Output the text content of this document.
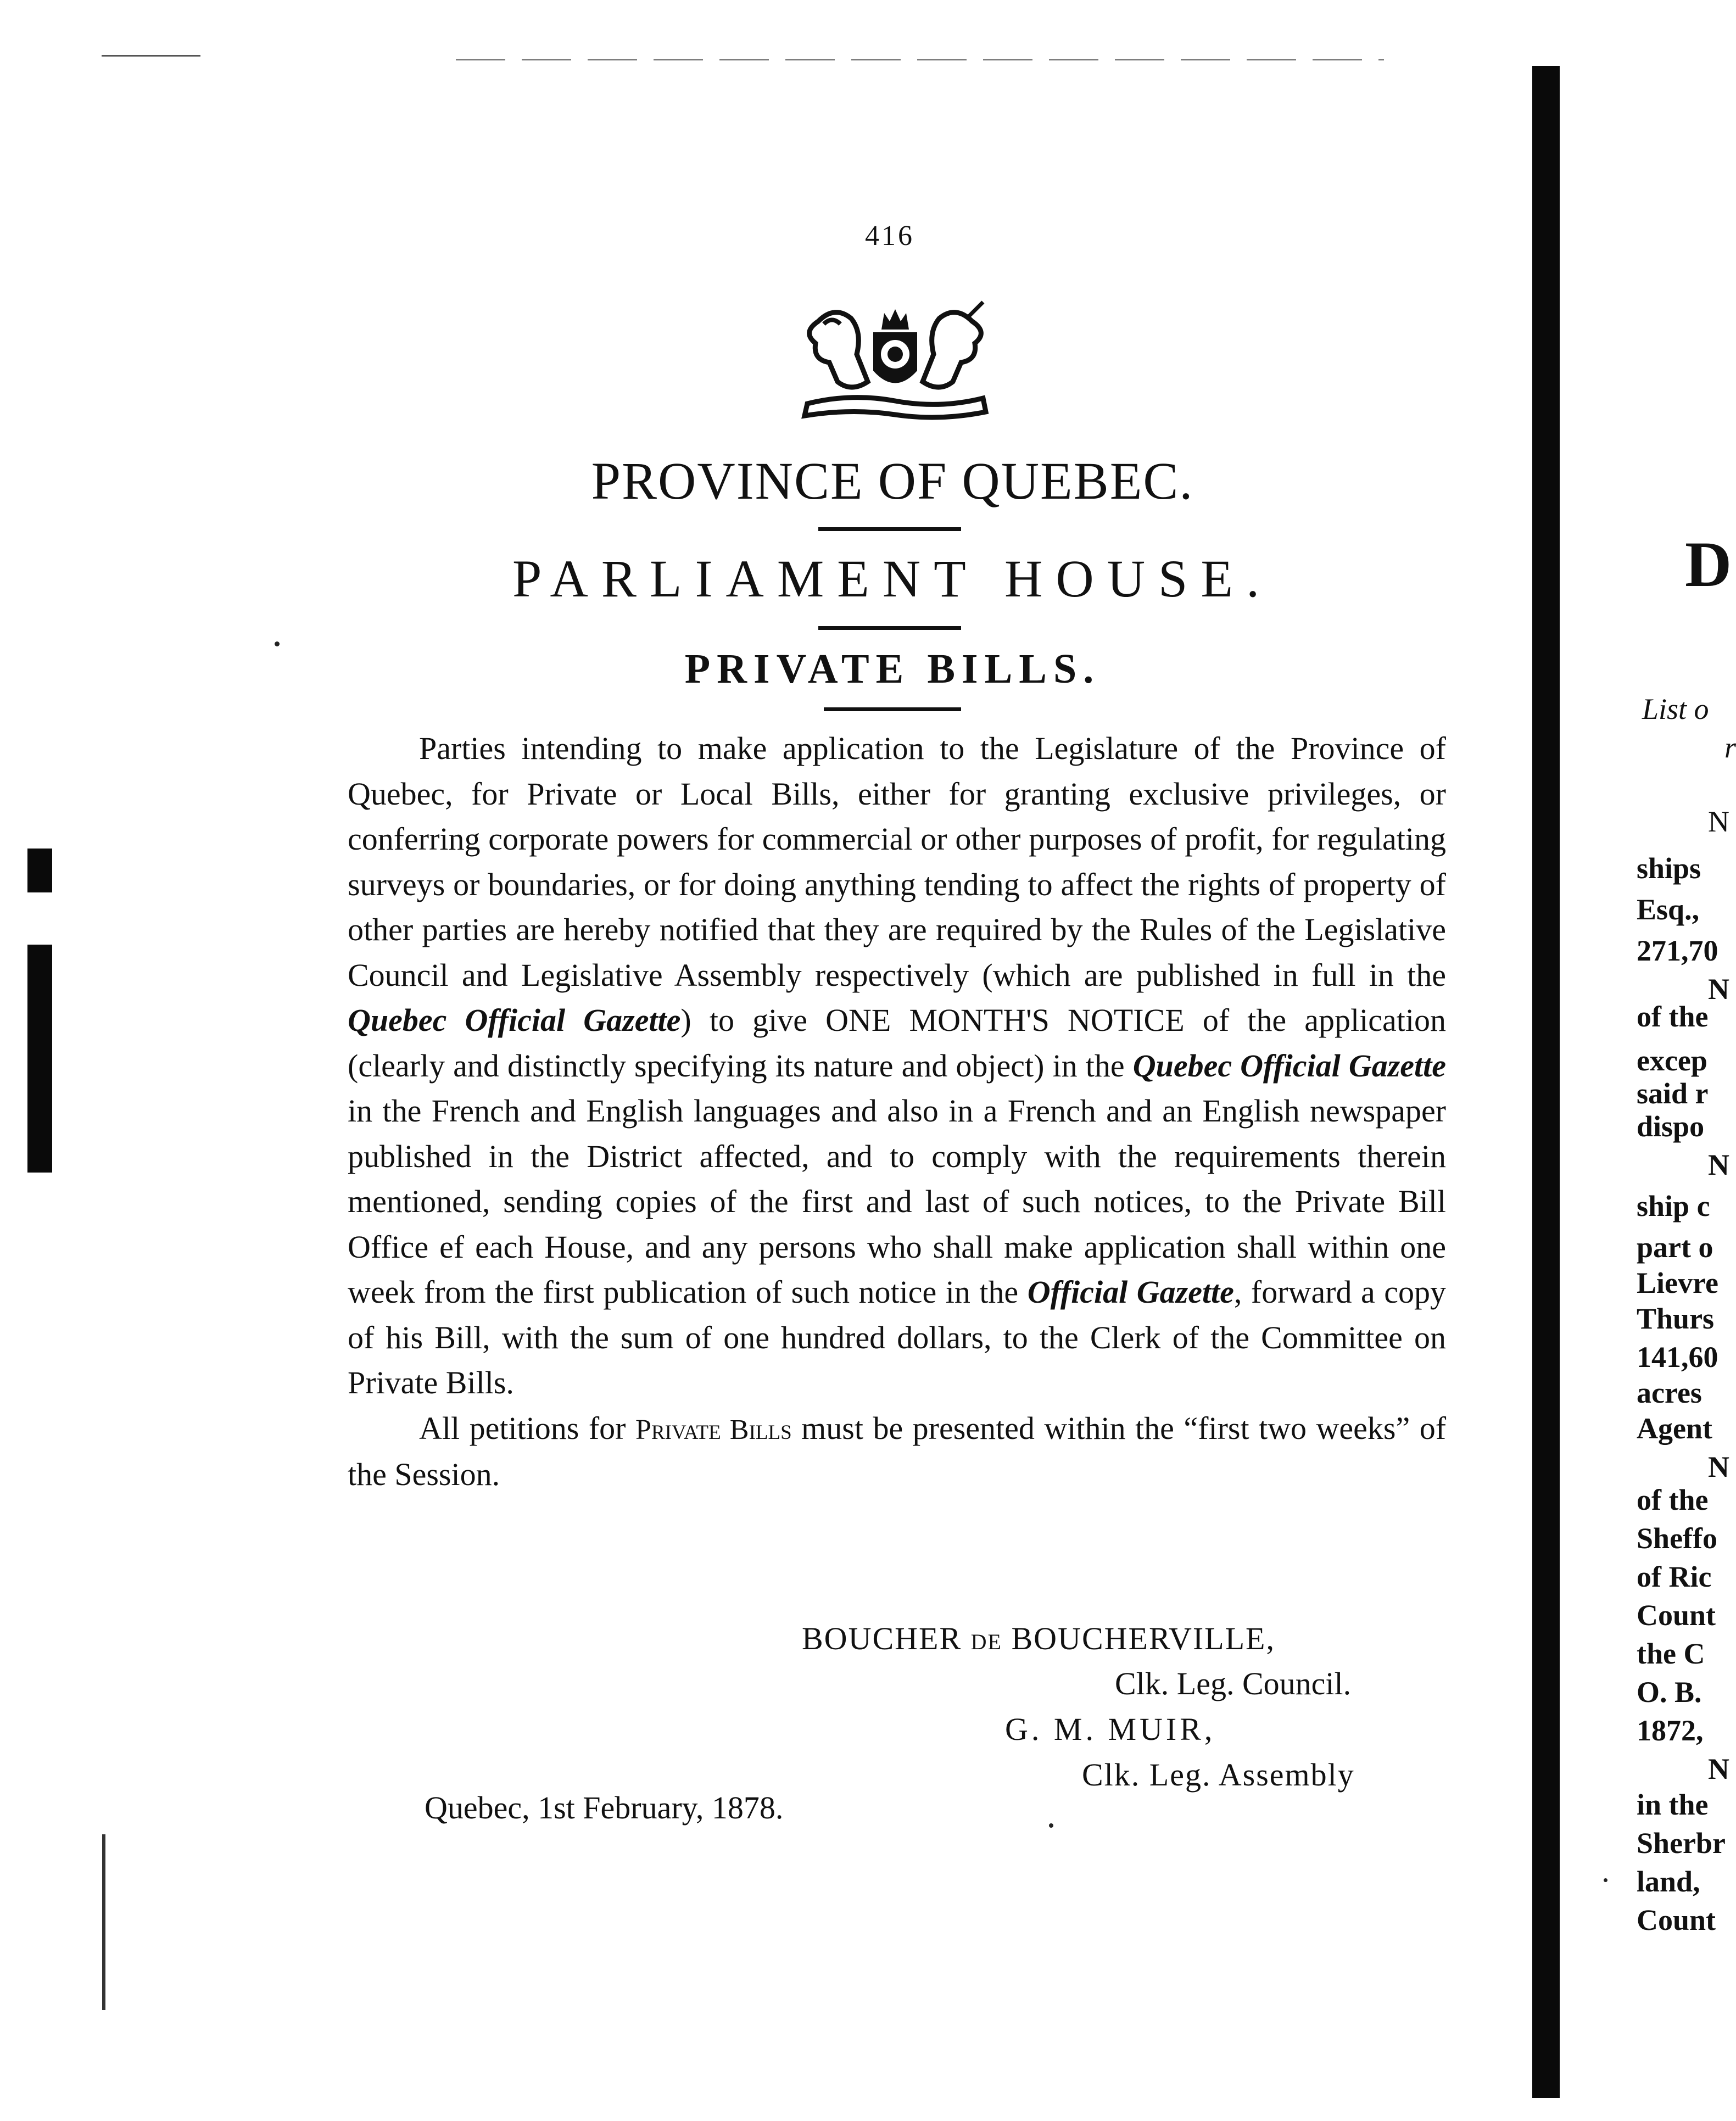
416
PROVINCE OF QUEBEC.
PARLIAMENT HOUSE.
PRIVATE BILLS.

Parties intending to make application to the Legislature of the Province of Quebec, for Private or Local Bills, either for granting exclusive privileges, or conferring corporate powers for commercial or other purposes of profit, for regulating surveys or boundaries, or for doing anything tending to affect the rights of property of other parties are hereby notified that they are required by the Rules of the Legislative Council and Legislative Assembly respectively (which are published in full in the Quebec Official Gazette) to give ONE MONTH'S NOTICE of the application (clearly and distinctly specifying its nature and object) in the Quebec Official Gazette in the French and English languages and also in a French and an English newspaper published in the District affected, and to comply with the requirements therein mentioned, sending copies of the first and last of such notices, to the Private Bill Office ef each House, and any persons who shall make application shall within one week from the first publication of such notice in the Official Gazette, forward a copy of his Bill, with the sum of one hundred dollars, to the Clerk of the Committee on Private Bills.

All petitions for Private Bills must be presented within the “first two weeks” of the Session.

BOUCHER DE BOUCHERVILLE,
Clk. Leg. Council.
G. M. MUIR,
Clk. Leg. Assembly
Quebec, 1st February, 1878.
D
List o
r
N
ships
Esq.,
271,70
N
of the
excep
said r
dispo
N
ship c
part o
Lievre
Thurs
141,60
acres
Agent
N
of the
Sheffo
of Ric
Count
the C
O. B.
1872,
N
in the
Sherbr
land,
Count
